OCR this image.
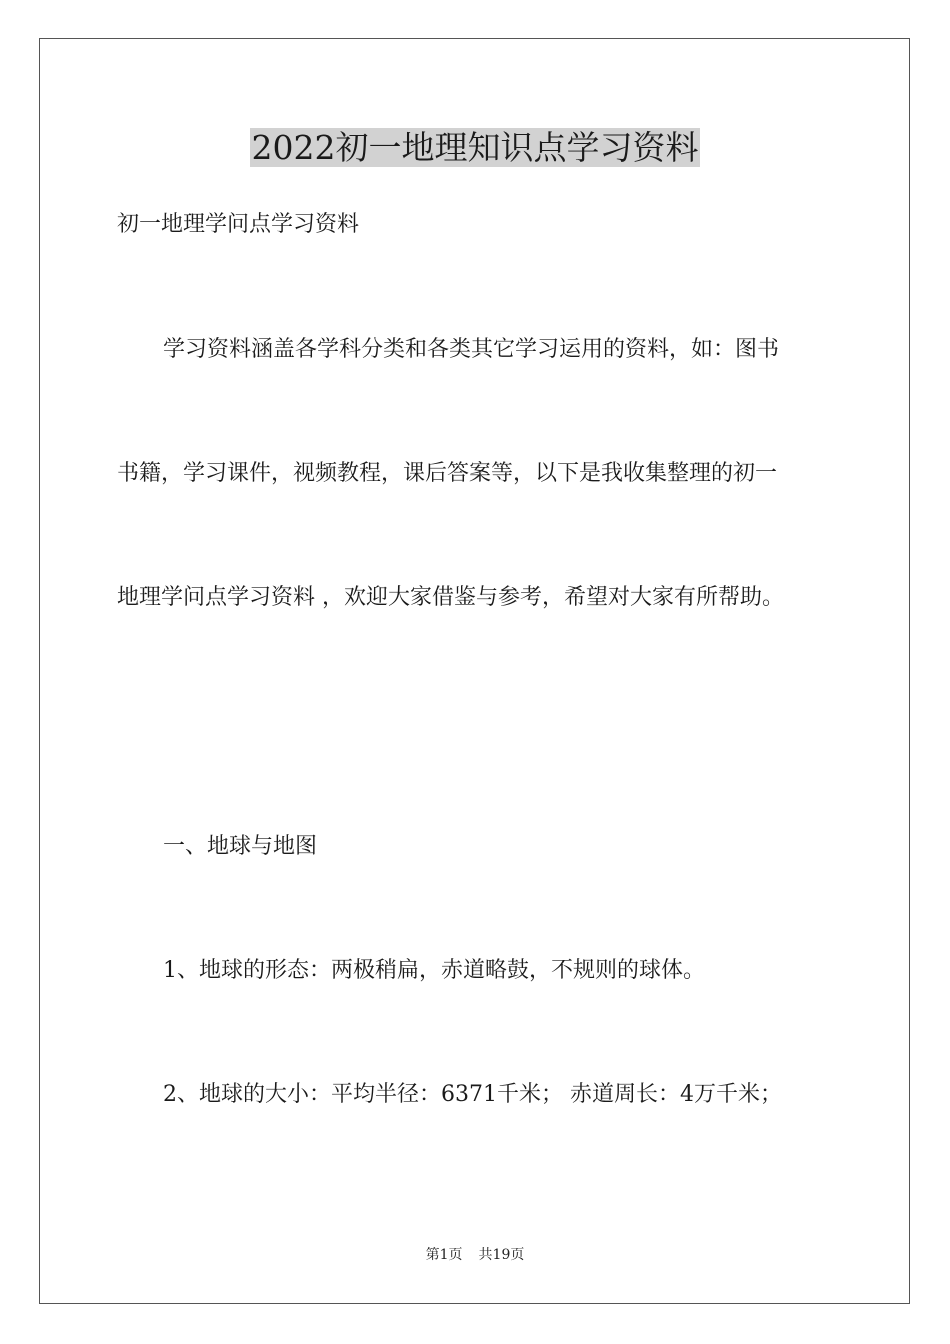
2022初一地理知识点学习资料

初一地理学问点学习资料

学习资料涵盖各学科分类和各类其它学习运用的资料，如：图书

书籍，学习课件，视频教程，课后答案等，以下是我收集整理的初一

地理学问点学习资料 ，欢迎大家借鉴与参考，希望对大家有所帮助。

一、地球与地图

1、地球的形态：两极稍扁，赤道略鼓，不规则的球体。

2、地球的大小：平均半径：6371千米； 赤道周长：4万千米；

第1页 共19页
